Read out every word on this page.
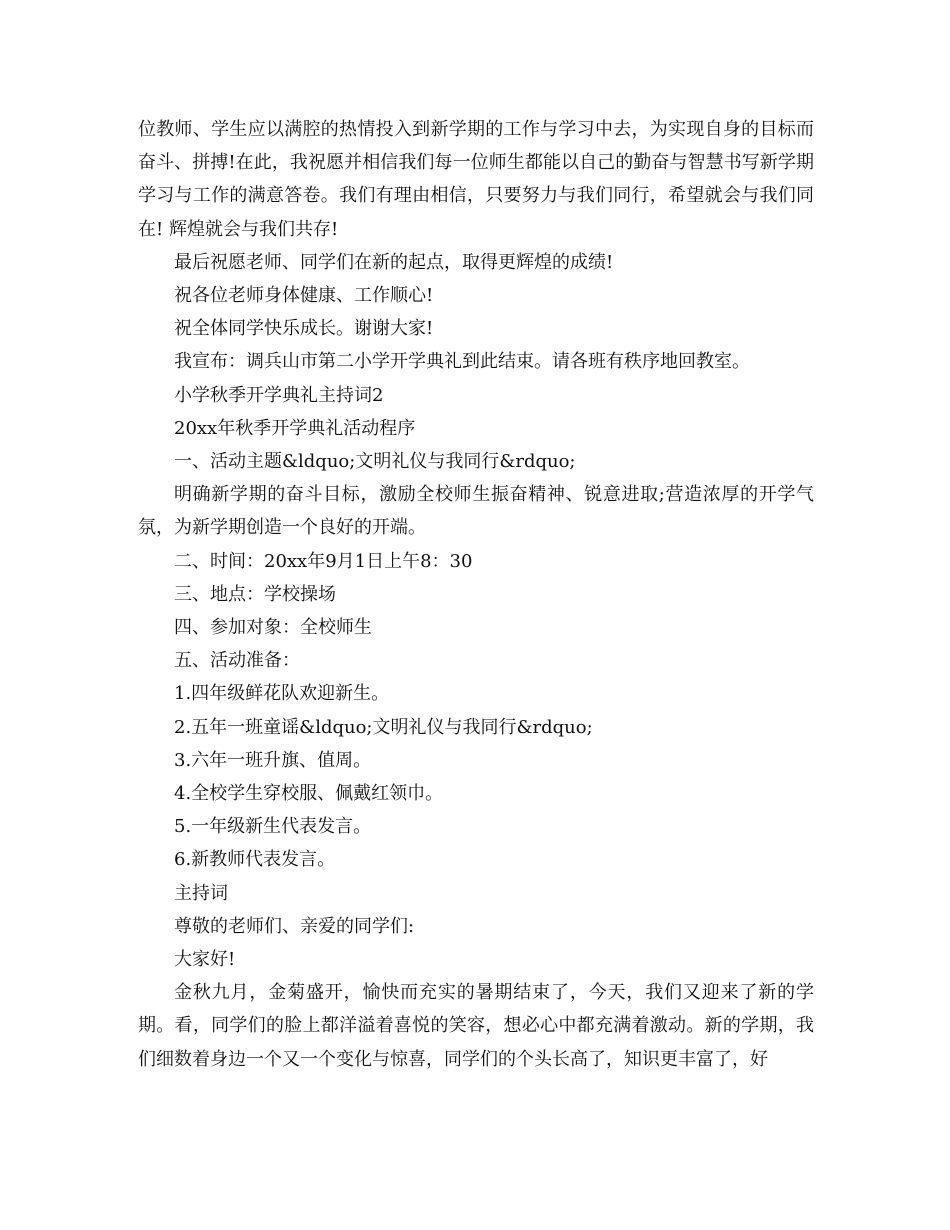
位教师、学生应以满腔的热情投入到新学期的工作与学习中去，为实现自身的目标而奋斗、拼搏!在此，我祝愿并相信我们每一位师生都能以自己的勤奋与智慧书写新学期学习与工作的满意答卷。我们有理由相信，只要努力与我们同行，希望就会与我们同在! 辉煌就会与我们共存!

最后祝愿老师、同学们在新的起点，取得更辉煌的成绩!

祝各位老师身体健康、工作顺心!

祝全体同学快乐成长。谢谢大家!

我宣布：调兵山市第二小学开学典礼到此结束。请各班有秩序地回教室。

小学秋季开学典礼主持词2

20xx年秋季开学典礼活动程序

一、活动主题&ldquo;文明礼仪与我同行&rdquo;

明确新学期的奋斗目标，激励全校师生振奋精神、锐意进取;营造浓厚的开学气氛，为新学期创造一个良好的开端。

二、时间：20xx年9月1日上午8：30

三、地点：学校操场

四、参加对象：全校师生

五、活动准备：

1.四年级鲜花队欢迎新生。

2.五年一班童谣&ldquo;文明礼仪与我同行&rdquo;

3.六年一班升旗、值周。

4.全校学生穿校服、佩戴红领巾。

5.一年级新生代表发言。

6.新教师代表发言。

主持词

尊敬的老师们、亲爱的同学们:

大家好!

金秋九月，金菊盛开，愉快而充实的暑期结束了，今天，我们又迎来了新的学期。看，同学们的脸上都洋溢着喜悦的笑容，想必心中都充满着激动。新的学期，我们细数着身边一个又一个变化与惊喜，同学们的个头长高了，知识更丰富了，好
